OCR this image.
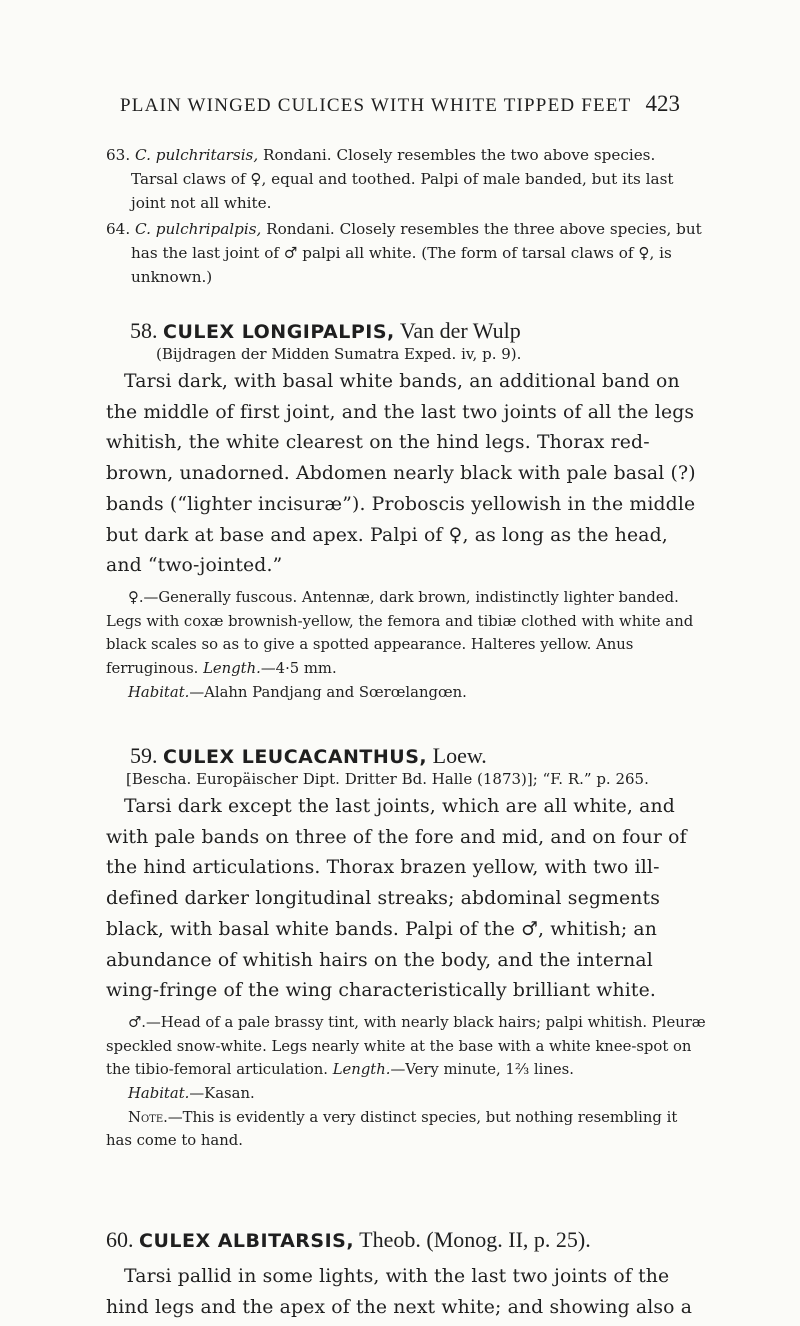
PLAIN WINGED CULICES WITH WHITE TIPPED FEET 423

63. C. pulchritarsis, Rondani. Closely resembles the two above species. Tarsal claws of ♀, equal and toothed. Palpi of male banded, but its last joint not all white.

64. C. pulchripalpis, Rondani. Closely resembles the three above species, but has the last joint of ♂ palpi all white. (The form of tarsal claws of ♀, is unknown.)

58. CULEX LONGIPALPIS, Van der Wulp
(Bijdragen der Midden Sumatra Exped. iv, p. 9).

Tarsi dark, with basal white bands, an additional band on the middle of first joint, and the last two joints of all the legs whitish, the white clearest on the hind legs. Thorax red-brown, unadorned. Abdomen nearly black with pale basal (?) bands (“lighter incisuræ”). Proboscis yellowish in the middle but dark at base and apex. Palpi of ♀, as long as the head, and “two-jointed.”

♀.—Generally fuscous. Antennæ, dark brown, indistinctly lighter banded. Legs with coxæ brownish-yellow, the femora and tibiæ clothed with white and black scales so as to give a spotted appearance. Halteres yellow. Anus ferruginous. Length.—4·5 mm.

Habitat.—Alahn Pandjang and Sœrœlangœn.

59. CULEX LEUCACANTHUS, Loew.
[Bescha. Europäischer Dipt. Dritter Bd. Halle (1873)]; “F. R.” p. 265.

Tarsi dark except the last joints, which are all white, and with pale bands on three of the fore and mid, and on four of the hind articulations. Thorax brazen yellow, with two ill-defined darker longitudinal streaks; abdominal segments black, with basal white bands. Palpi of the ♂, whitish; an abundance of whitish hairs on the body, and the internal wing-fringe of the wing characteristically brilliant white.

♂.—Head of a pale brassy tint, with nearly black hairs; palpi whitish. Pleuræ speckled snow-white. Legs nearly white at the base with a white knee-spot on the tibio-femoral articulation. Length.—Very minute, 1⅔ lines.

Habitat.—Kasan.

Note.—This is evidently a very distinct species, but nothing resembling it has come to hand.

60. CULEX ALBITARSIS, Theob. (Monog. II, p. 25).

Tarsi pallid in some lights, with the last two joints of the hind legs and the apex of the next white; and showing also a
